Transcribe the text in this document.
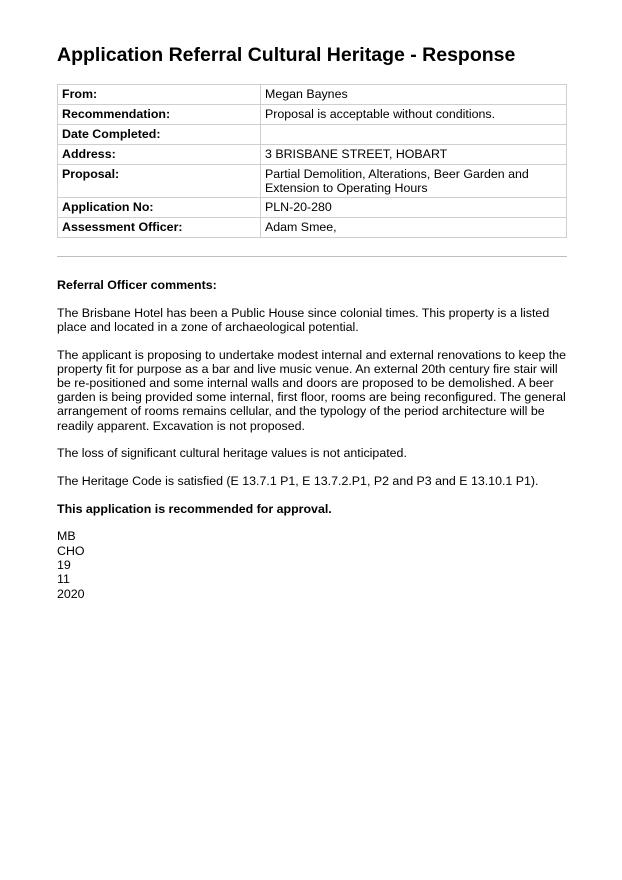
Application Referral Cultural Heritage - Response
From:	Megan Baynes
Recommendation:	Proposal is acceptable without conditions.
Date Completed:	
Address:	3 BRISBANE STREET, HOBART
Proposal:	Partial Demolition, Alterations, Beer Garden and Extension to Operating Hours
Application No:	PLN-20-280
Assessment Officer:	Adam Smee,

Referral Officer comments:

The Brisbane Hotel has been a Public House since colonial times. This property is a listed place and located in a zone of archaeological potential.

The applicant is proposing to undertake modest internal and external renovations to keep the property fit for purpose as a bar and live music venue. An external 20th century fire stair will be re-positioned and some internal walls and doors are proposed to be demolished. A beer garden is being provided some internal, first floor, rooms are being reconfigured. The general arrangement of rooms remains cellular, and the typology of the period architecture will be readily apparent. Excavation is not proposed.

The loss of significant cultural heritage values is not anticipated.

The Heritage Code is satisfied (E 13.7.1 P1, E 13.7.2.P1, P2 and P3 and E 13.10.1 P1).

This application is recommended for approval.

MB
CHO
19
11
2020
